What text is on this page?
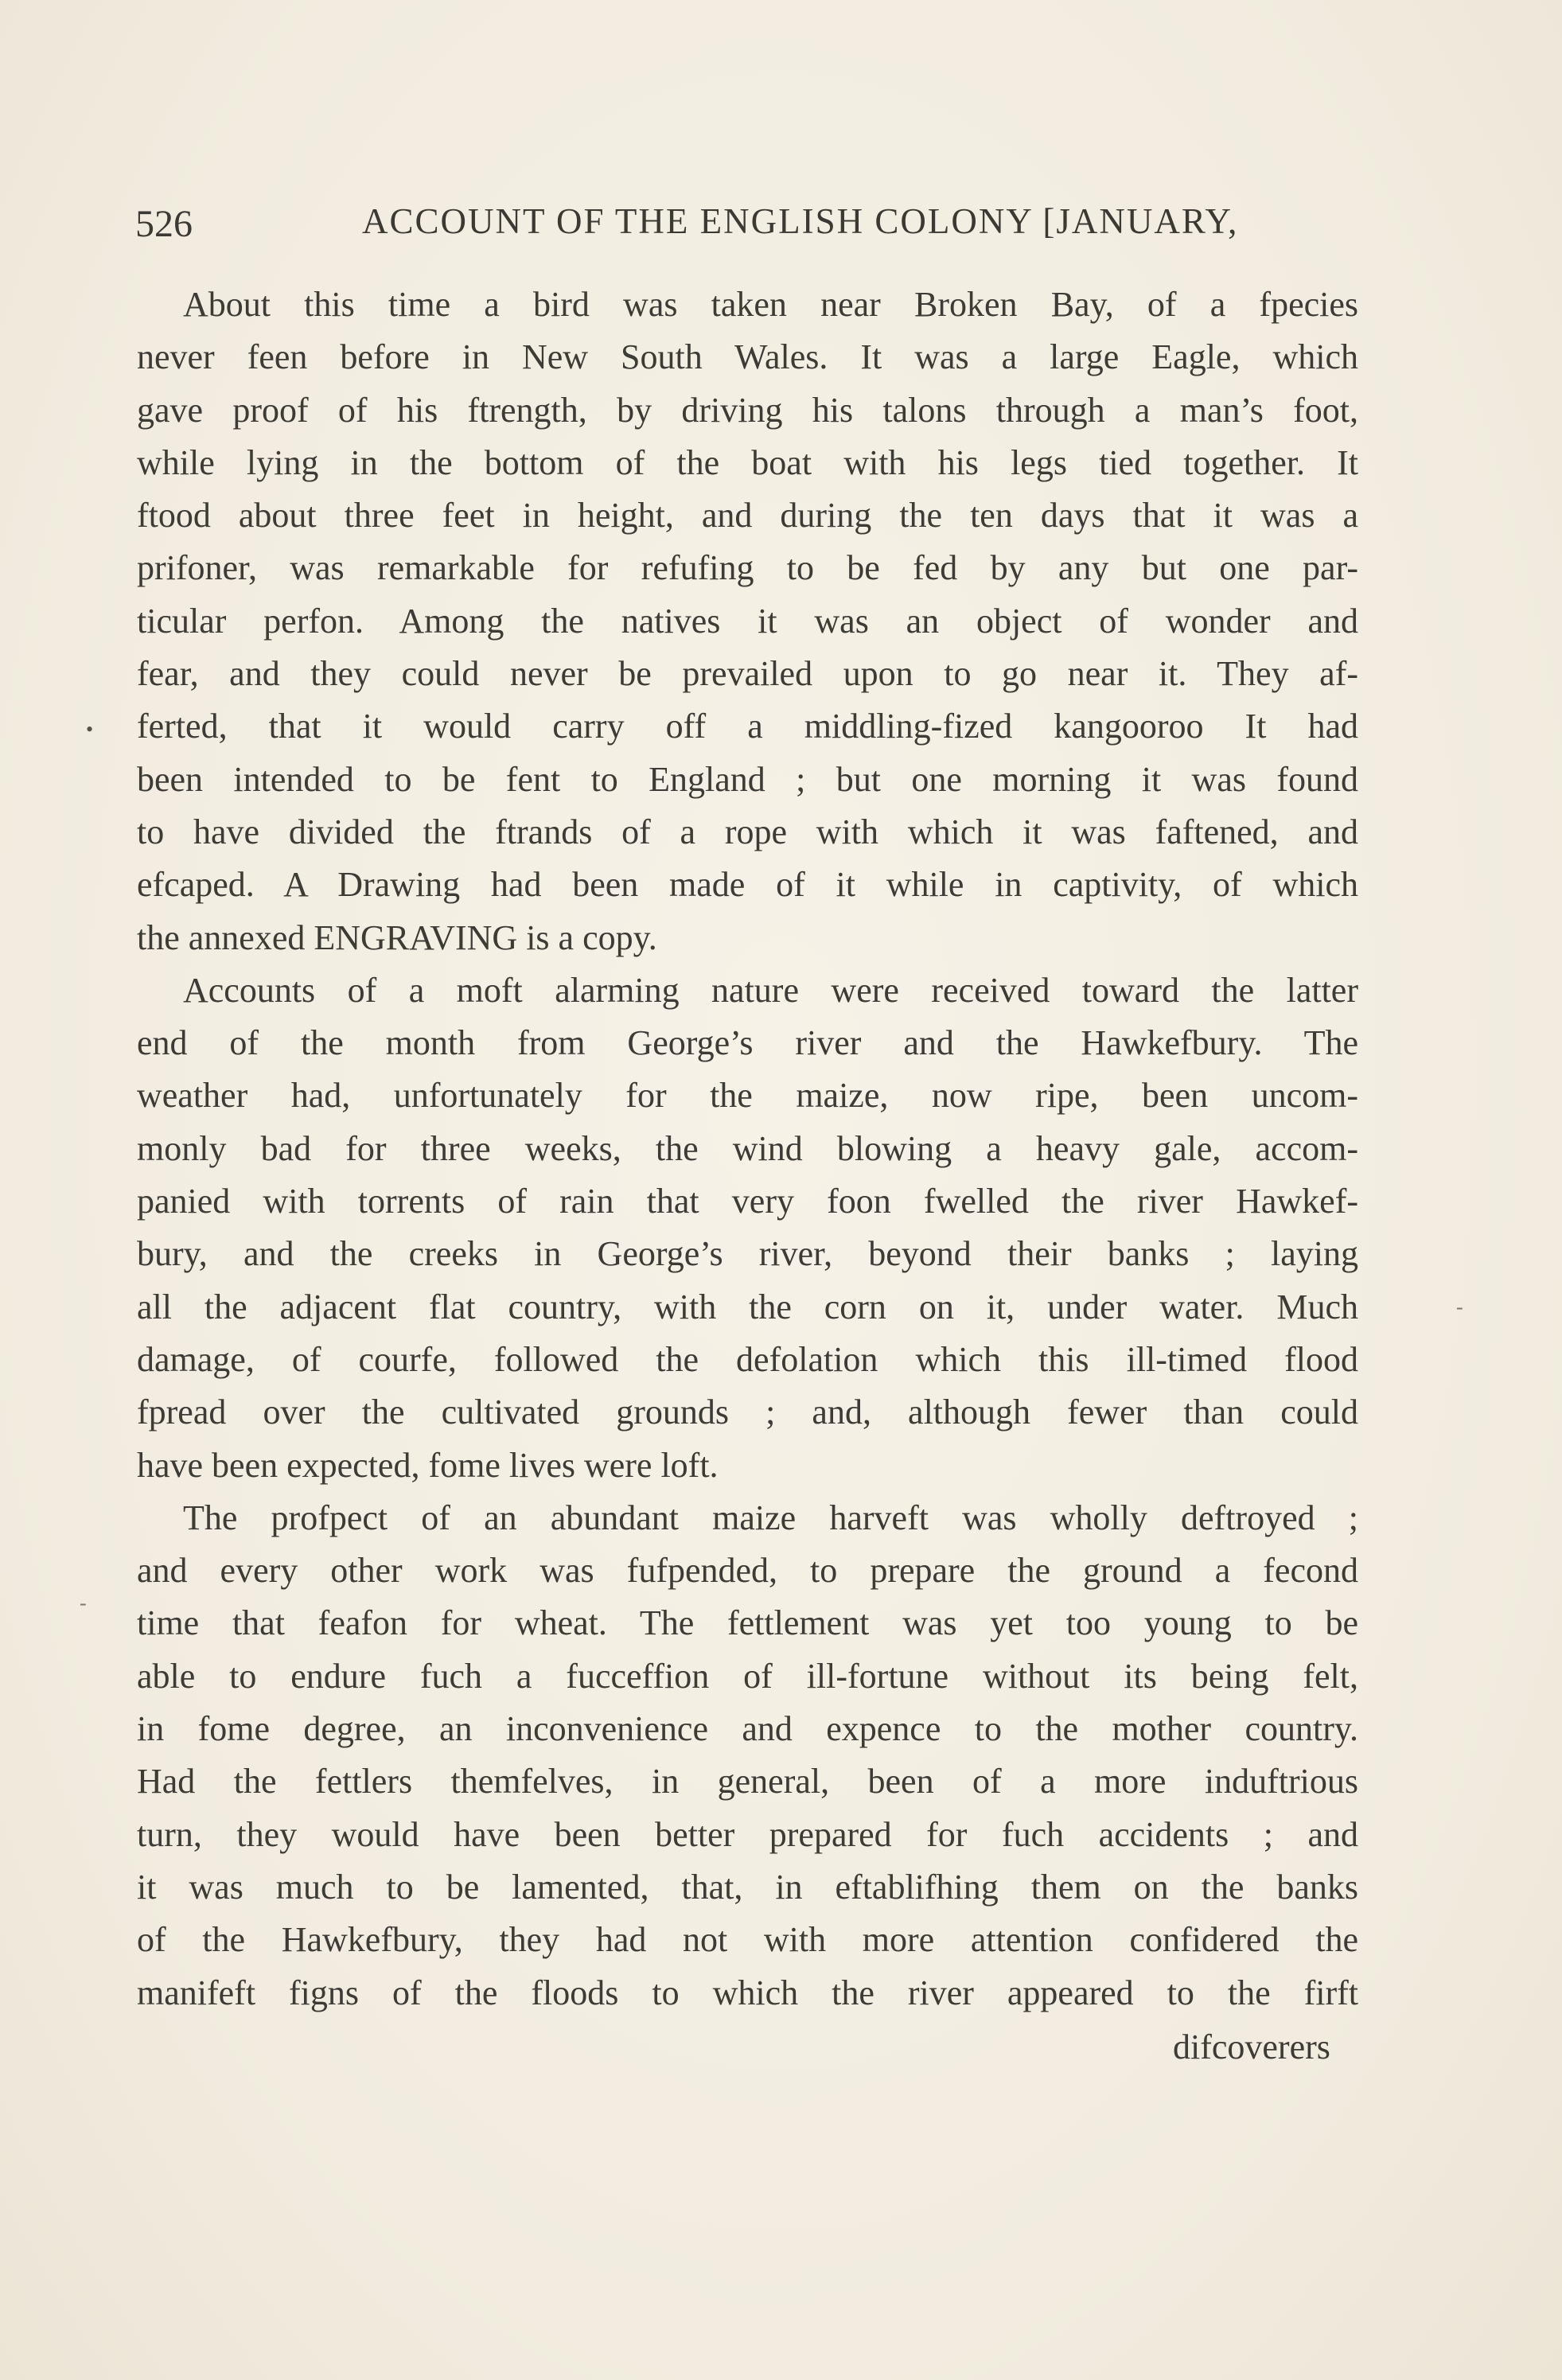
526	ACCOUNT OF THE ENGLISH COLONY [JANUARY,
About this time a bird was taken near Broken Bay, of a fpecies
never feen before in New South Wales. It was a large Eagle, which
gave proof of his ftrength, by driving his talons through a man’s foot,
while lying in the bottom of the boat with his legs tied together. It
ftood about three feet in height, and during the ten days that it was a
prifoner, was remarkable for refufing to be fed by any but one par-
ticular perfon. Among the natives it was an object of wonder and
fear, and they could never be prevailed upon to go near it. They af-
ferted, that it would carry off a middling-fized kangooroo It had
been intended to be fent to England ; but one morning it was found
to have divided the ftrands of a rope with which it was faftened, and
efcaped. A Drawing had been made of it while in captivity, of which
the annexed ENGRAVING is a copy.
Accounts of a moft alarming nature were received toward the latter
end of the month from George’s river and the Hawkefbury. The
weather had, unfortunately for the maize, now ripe, been uncom-
monly bad for three weeks, the wind blowing a heavy gale, accom-
panied with torrents of rain that very foon fwelled the river Hawkef-
bury, and the creeks in George’s river, beyond their banks ; laying
all the adjacent flat country, with the corn on it, under water. Much
damage, of courfe, followed the defolation which this ill-timed flood
fpread over the cultivated grounds ; and, although fewer than could
have been expected, fome lives were loft.
The profpect of an abundant maize harveft was wholly deftroyed ;
and every other work was fufpended, to prepare the ground a fecond
time that feafon for wheat. The fettlement was yet too young to be
able to endure fuch a fucceffion of ill-fortune without its being felt,
in fome degree, an inconvenience and expence to the mother country.
Had the fettlers themfelves, in general, been of a more induftrious
turn, they would have been better prepared for fuch accidents ; and
it was much to be lamented, that, in eftablifhing them on the banks
of the Hawkefbury, they had not with more attention confidered the
manifeft figns of the floods to which the river appeared to the firft
difcoverers
•
-
-
